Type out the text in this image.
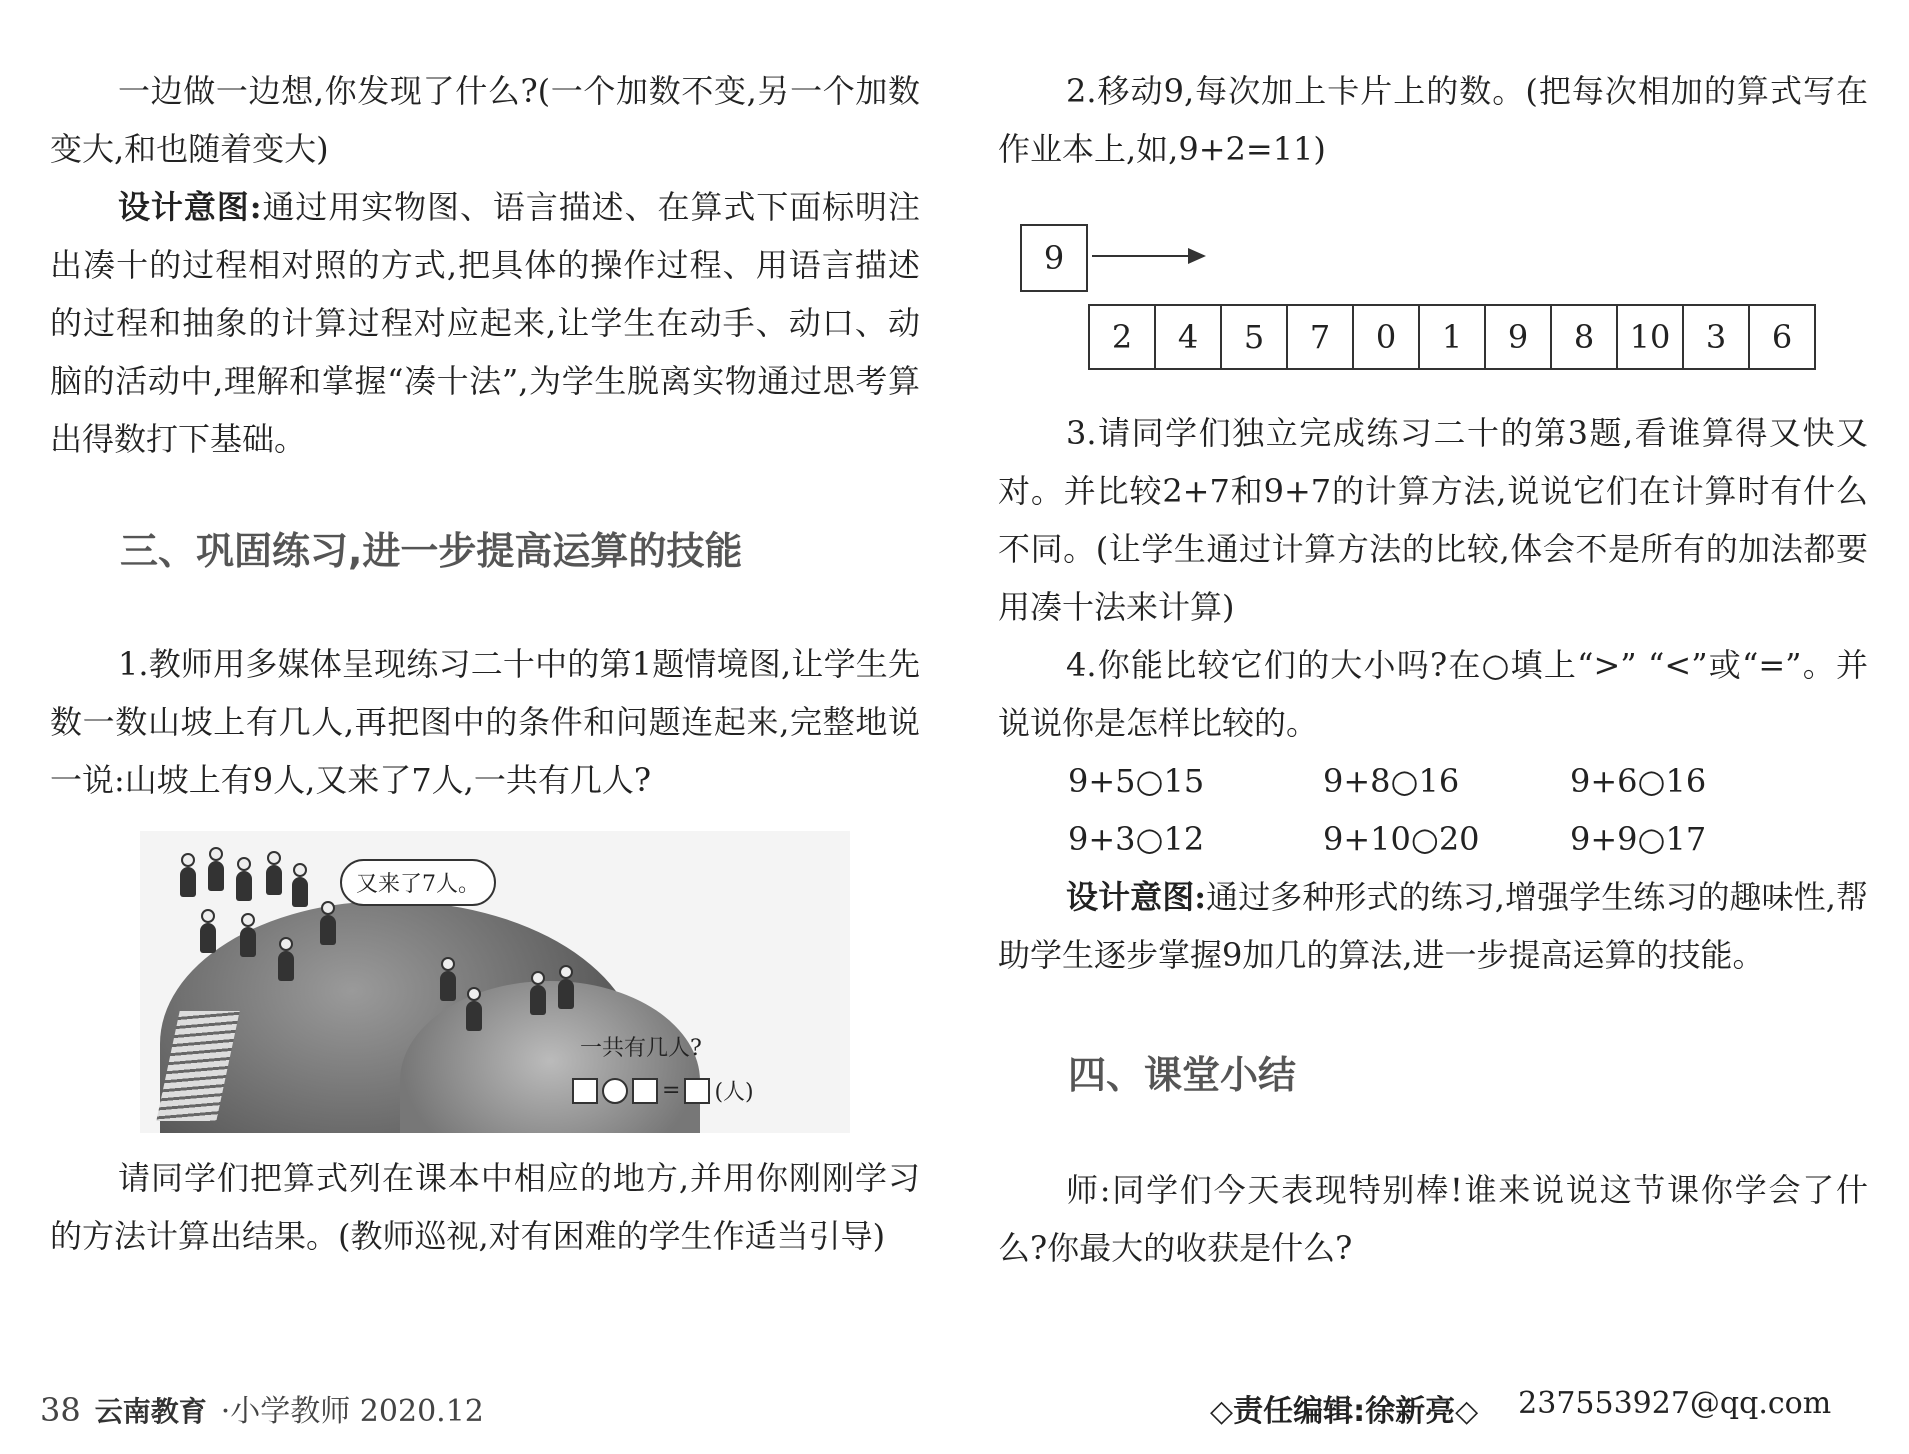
一边做一边想,你发现了什么?(一个加数不变,另一个加数变大,和也随着变大)

设计意图:通过用实物图、语言描述、在算式下面标明注出凑十的过程相对照的方式,把具体的操作过程、用语言描述的过程和抽象的计算过程对应起来,让学生在动手、动口、动脑的活动中,理解和掌握“凑十法”,为学生脱离实物通过思考算出得数打下基础。

三、巩固练习,进一步提高运算的技能

1.教师用多媒体呈现练习二十中的第1题情境图,让学生先数一数山坡上有几人,再把图中的条件和问题连起来,完整地说一说:山坡上有9人,又来了7人,一共有几人?

又来了7人。
一共有几人?
= (人)

请同学们把算式列在课本中相应的地方,并用你刚刚学习的方法计算出结果。(教师巡视,对有困难的学生作适当引导)

2.移动9,每次加上卡片上的数。(把每次相加的算式写在作业本上,如,9+2=11)

9
2	4	5	7	0	1	9	8	10	3	6

3.请同学们独立完成练习二十的第3题,看谁算得又快又对。并比较2+7和9+7的计算方法,说说它们在计算时有什么不同。(让学生通过计算方法的比较,体会不是所有的加法都要用凑十法来计算)

4.你能比较它们的大小吗?在○填上“>” “<”或“=”。并说说你是怎样比较的。

9+5○15	9+8○16	9+6○16
9+3○12	9+10○20	9+9○17

设计意图:通过多种形式的练习,增强学生练习的趣味性,帮助学生逐步掌握9加几的算法,进一步提高运算的技能。

四、课堂小结

师:同学们今天表现特别棒!谁来说说这节课你学会了什么?你最大的收获是什么?

38 云南教育 ·小学教师 2020.12	◇责任编辑:徐新亮◇ 237553927@qq.com
